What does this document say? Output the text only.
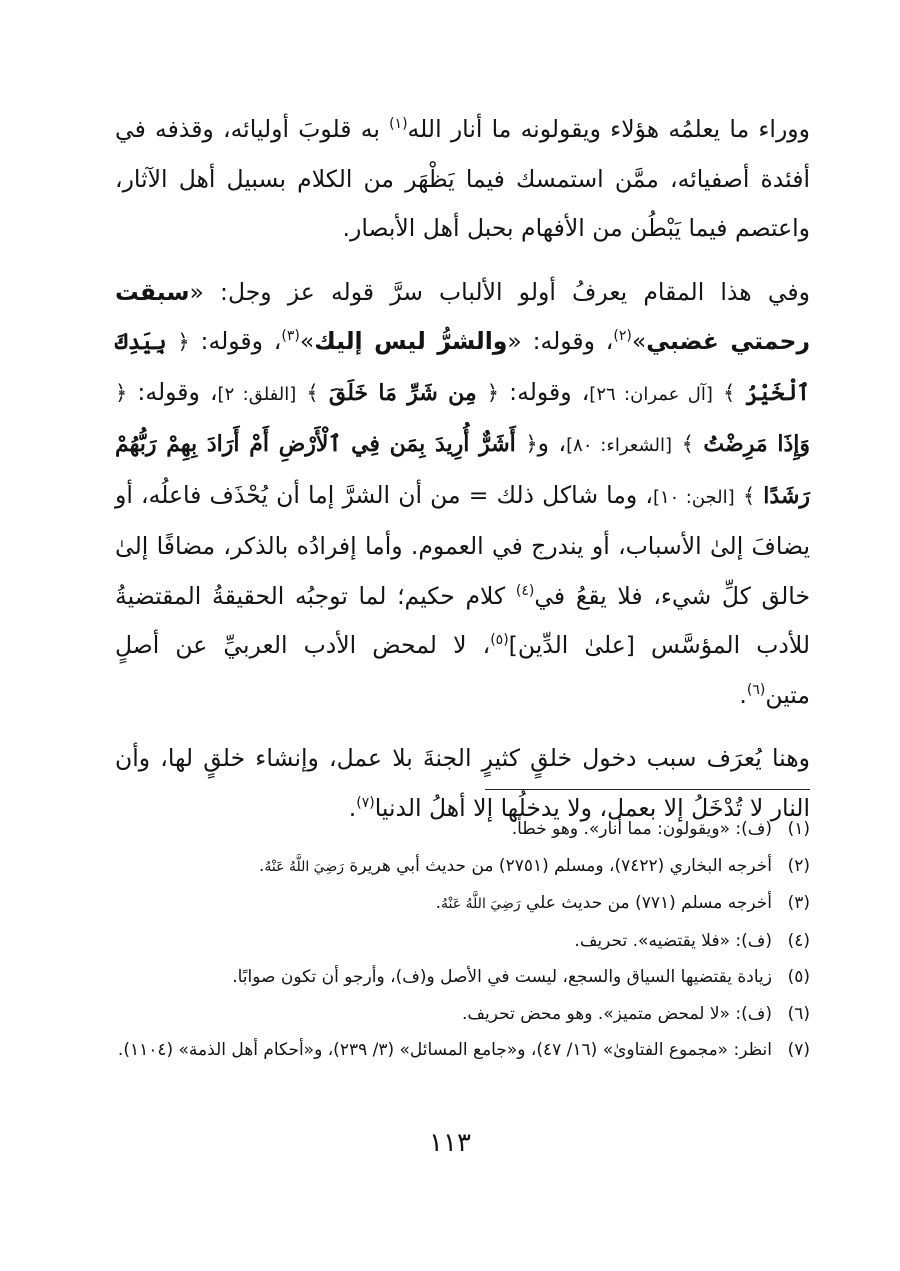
ووراء ما يعلمُه هؤلاء ويقولونه ما أنار الله$^{(١)}$ به قلوبَ أوليائه، وقذفه في أفئدة أصفيائه، ممَّن استمسك فيما يَظْهَر من الكلام بسبيل أهل الآثار، واعتصم فيما يَبْطُن من الأفهام بحبل أهل الأبصار.

وفي هذا المقام يعرفُ أولو الألباب سرَّ قوله عز وجل: «سبقت رحمتي غضبي»$^{(٢)}$، وقوله: «والشرُّ ليس إليك»$^{(٣)}$، وقوله: ﴿ بِيَدِكَ ٱلْخَيْرُ ﴾ [آل عمران: ٢٦]، وقوله: ﴿ مِن شَرِّ مَا خَلَقَ ﴾ [الفلق: ٢]، وقوله: ﴿ وَإِذَا مَرِضْتُ ﴾ [الشعراء: ٨٠]، و﴿ أَشَرٌّ أُرِيدَ بِمَن فِي ٱلْأَرْضِ أَمْ أَرَادَ بِهِمْ رَبُّهُمْ رَشَدًا ﴾ [الجن: ١٠]، وما شاكل ذلك = من أن الشرَّ إما أن يُحْذَف فاعلُه، أو يضافَ إلىٰ الأسباب، أو يندرج في العموم. وأما إفرادُه بالذكر، مضافًا إلىٰ خالق كلِّ شيء، فلا يقعُ في$^{(٤)}$ كلام حكيم؛ لما توجبُه الحقيقةُ المقتضيةُ للأدب المؤسَّس [علىٰ الدِّين]$^{(٥)}$، لا لمحض الأدب العربيِّ عن أصلٍ متين$^{(٦)}$.

وهنا يُعرَف سبب دخول خلقٍ كثيرٍ الجنةَ بلا عمل، وإنشاء خلقٍ لها، وأن النار لا تُدْخَلُ إلا بعمل، ولا يدخلُها إلا أهلُ الدنيا$^{(٧)}$.

(١)
(ف): «ويقولون: مما أنار». وهو خطأ.
(٢)
أخرجه البخاري (٧٤٢٢)، ومسلم (٢٧٥١) من حديث أبي هريرة رَضِيَ اللَّهُ عَنْهُ.
(٣)
أخرجه مسلم (٧٧١) من حديث علي رَضِيَ اللَّهُ عَنْهُ.
(٤)
(ف): «فلا يقتضيه». تحريف.
(٥)
زيادة يقتضيها السياق والسجع، ليست في الأصل و(ف)، وأرجو أن تكون صوابًا.
(٦)
(ف): «لا لمحض متميز». وهو محض تحريف.
(٧)
انظر: «مجموع الفتاوىٰ» (١٦/ ٤٧)، و«جامع المسائل» (٣/ ٢٣٩)، و«أحكام أهل الذمة» (١١٠٤).
١١٣
